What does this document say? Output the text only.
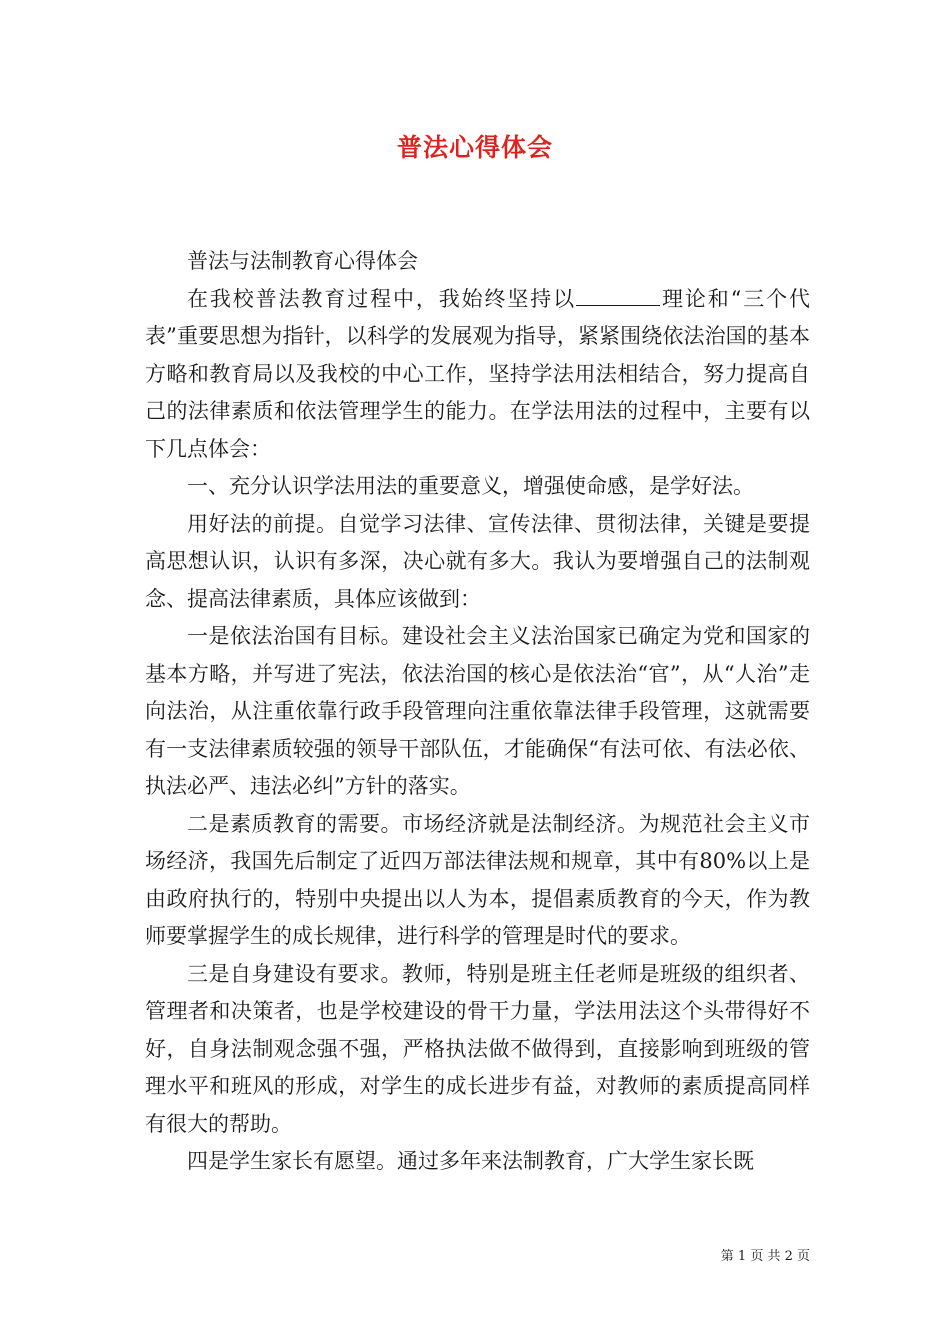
普法心得体会

普法与法制教育心得体会

在我校普法教育过程中，我始终坚持以	理论和“三个代表”重要思想为指针，以科学的发展观为指导，紧紧围绕依法治国的基本方略和教育局以及我校的中心工作，坚持学法用法相结合，努力提高自己的法律素质和依法管理学生的能力。在学法用法的过程中，主要有以下几点体会：

一、充分认识学法用法的重要意义，增强使命感，是学好法。

用好法的前提。自觉学习法律、宣传法律、贯彻法律，关键是要提高思想认识，认识有多深，决心就有多大。我认为要增强自己的法制观念、提高法律素质，具体应该做到：

一是依法治国有目标。建设社会主义法治国家已确定为党和国家的基本方略，并写进了宪法，依法治国的核心是依法治“官”，从“人治”走向法治，从注重依靠行政手段管理向注重依靠法律手段管理，这就需要有一支法律素质较强的领导干部队伍，才能确保“有法可依、有法必依、执法必严、违法必纠”方针的落实。

二是素质教育的需要。市场经济就是法制经济。为规范社会主义市场经济，我国先后制定了近四万部法律法规和规章，其中有80%以上是由政府执行的，特别中央提出以人为本，提倡素质教育的今天，作为教师要掌握学生的成长规律，进行科学的管理是时代的要求。

三是自身建设有要求。教师，特别是班主任老师是班级的组织者、管理者和决策者，也是学校建设的骨干力量，学法用法这个头带得好不好，自身法制观念强不强，严格执法做不做得到，直接影响到班级的管理水平和班风的形成，对学生的成长进步有益，对教师的素质提高同样有很大的帮助。

四是学生家长有愿望。通过多年来法制教育，广大学生家长既

第 1 页 共 2 页
